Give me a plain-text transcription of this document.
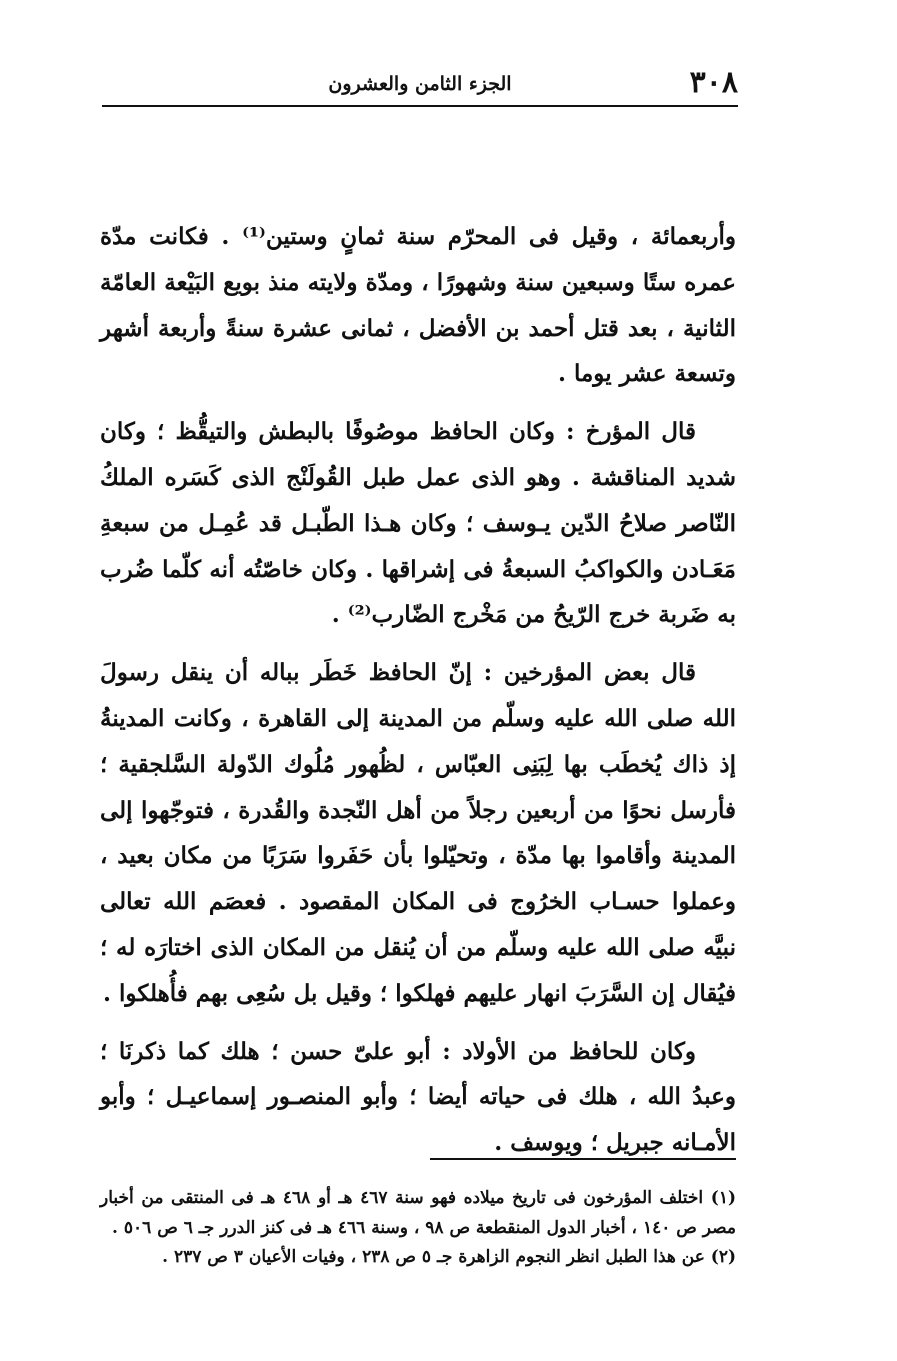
٣٠٨
الجزء الثامن والعشرون

وأربعمائة ، وقيل فى المحرّم سنة ثمانٍ وستين⁽¹⁾ . فكانت مدّة عمره ستًا وسبعين سنة وشهورًا ، ومدّة ولايته منذ بويع البَيْعة العامّة الثانية ، بعد قتل أحمد بن الأفضل ، ثمانى عشرة سنةً وأربعة أشهر وتسعة عشر يوما .

قال المؤرخ : وكان الحافظ موصُوفًا بالبطش والتيقُّظ ؛ وكان شديد المناقشة . وهو الذى عمل طبل القُولَنْج الذى كَسَره الملكُ النّاصر صلاحُ الدّين يـوسف ؛ وكان هـذا الطّبـل قد عُمِـل من سبعةِ مَعَـادن والكواكبُ السبعةُ فى إشراقها . وكان خاصّتُه أنه كلّما ضُرب به ضَربة خرج الرّيحُ من مَخْرج الضّارب⁽²⁾ .

قال بعض المؤرخين : إنّ الحافظ خَطَر بباله أن ينقل رسولَ الله صلى الله عليه وسلّم من المدينة إلى القاهرة ، وكانت المدينةُ إذ ذاك يُخطَب بها لِبَنِى العبّاس ، لظُهور مُلُوك الدّولة السَّلجقية ؛ فأرسل نحوًا من أربعين رجلاً من أهل النّجدة والقُدرة ، فتوجّهوا إلى المدينة وأقاموا بها مدّة ، وتحيّلوا بأن حَفَروا سَرَبًا من مكان بعيد ، وعملوا حسـاب الخرُوج فى المكان المقصود . فعصَم الله تعالى نبيَّه صلى الله عليه وسلّم من أن يُنقل من المكان الذى اختارَه له ؛ فيُقال إن السَّرَبَ انهار عليهم فهلكوا ؛ وقيل بل سُعِى بهم فأُهلكوا .

وكان للحافظ من الأولاد : أبو علىّ حسن ؛ هلك كما ذكرنَا ؛ وعبدُ الله ، هلك فى حياته أيضا ؛ وأبو المنصـور إسماعيـل ؛ وأبو الأمـانه جبريل ؛ ويوسف .

(١) اختلف المؤرخون فى تاريخ ميلاده فهو سنة ٤٦٧ هـ أو ٤٦٨ هـ فى المنتقى من أخبار مصر ص ١٤٠ ، أخبار الدول المنقطعة ص ٩٨ ، وسنة ٤٦٦ هـ فى كنز الدرر جـ ٦ ص ٥٠٦ .

(٢) عن هذا الطبل انظر النجوم الزاهرة جـ ٥ ص ٢٣٨ ، وفيات الأعيان ٣ ص ٢٣٧ .
